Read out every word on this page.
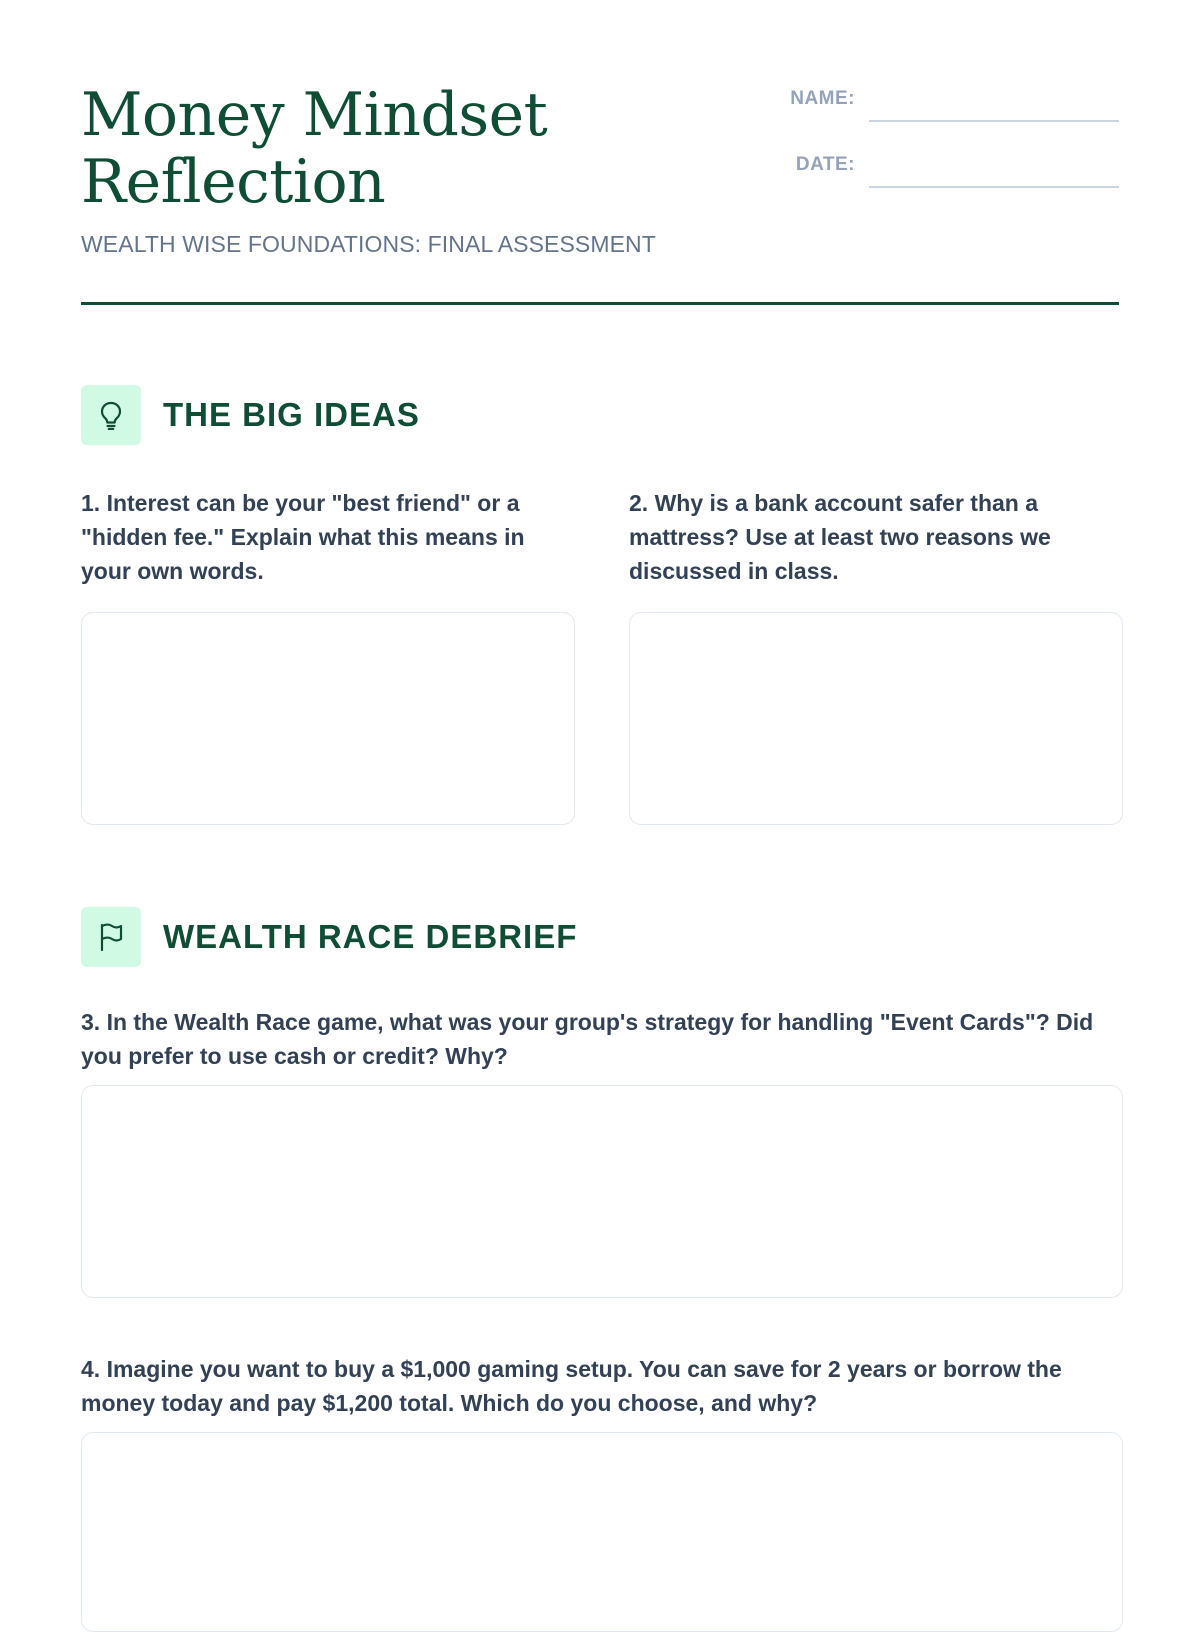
Money Mindset
Reflection
WEALTH WISE FOUNDATIONS: FINAL ASSESSMENT
NAME:
DATE:
THE BIG IDEAS

1. Interest can be your "best friend" or a "hidden fee." Explain what this means in your own words.

2. Why is a bank account safer than a mattress? Use at least two reasons we discussed in class.

WEALTH RACE DEBRIEF

3. In the Wealth Race game, what was your group's strategy for handling "Event Cards"? Did you prefer to use cash or credit? Why?

4. Imagine you want to buy a $1,000 gaming setup. You can save for 2 years or borrow the money today and pay $1,200 total. Which do you choose, and why?
